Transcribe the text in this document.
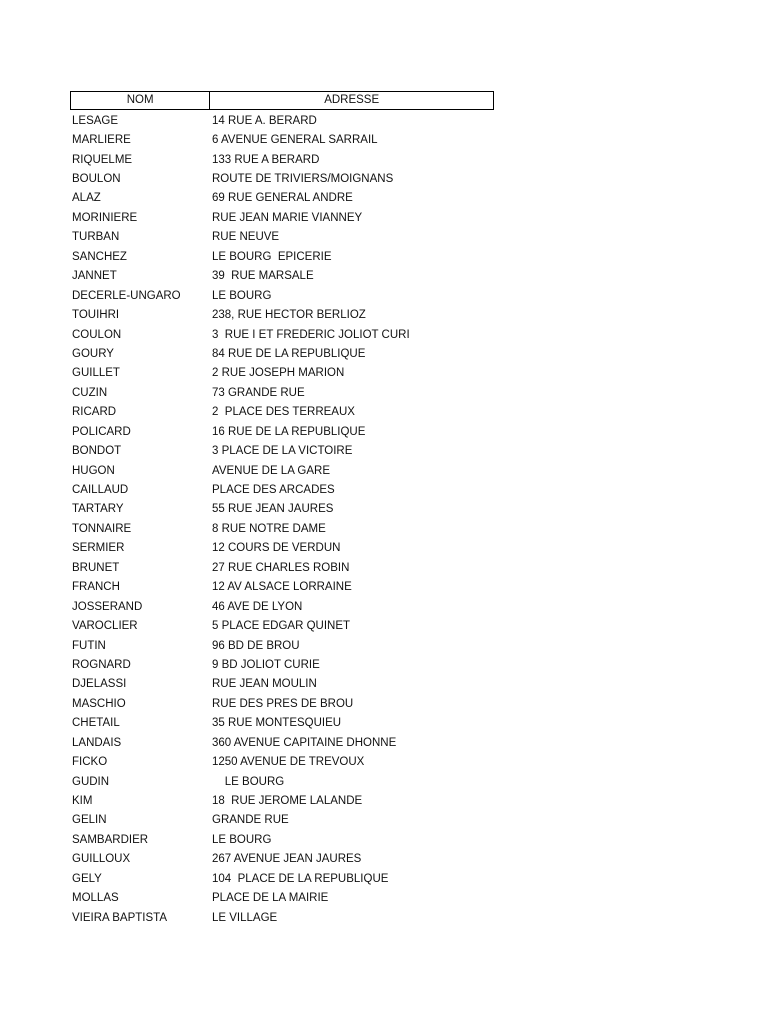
NOM	ADRESSE
LESAGE	14 RUE A. BERARD
MARLIERE	6 AVENUE GENERAL SARRAIL
RIQUELME	133 RUE A BERARD
BOULON	ROUTE DE TRIVIERS/MOIGNANS
ALAZ	69 RUE GENERAL ANDRE
MORINIERE	RUE JEAN MARIE VIANNEY
TURBAN	RUE NEUVE
SANCHEZ	LE BOURG  EPICERIE
JANNET	39  RUE MARSALE
DECERLE-UNGARO	LE BOURG
TOUIHRI	238, RUE HECTOR BERLIOZ
COULON	3  RUE I ET FREDERIC JOLIOT CURI
GOURY	84 RUE DE LA REPUBLIQUE
GUILLET	2 RUE JOSEPH MARION
CUZIN	73 GRANDE RUE
RICARD	2  PLACE DES TERREAUX
POLICARD	16 RUE DE LA REPUBLIQUE
BONDOT	3 PLACE DE LA VICTOIRE
HUGON	AVENUE DE LA GARE
CAILLAUD	PLACE DES ARCADES
TARTARY	55 RUE JEAN JAURES
TONNAIRE	8 RUE NOTRE DAME
SERMIER	12 COURS DE VERDUN
BRUNET	27 RUE CHARLES ROBIN
FRANCH	12 AV ALSACE LORRAINE
JOSSERAND	46 AVE DE LYON
VAROCLIER	5 PLACE EDGAR QUINET
FUTIN	96 BD DE BROU
ROGNARD	9 BD JOLIOT CURIE
DJELASSI	RUE JEAN MOULIN
MASCHIO	RUE DES PRES DE BROU
CHETAIL	35 RUE MONTESQUIEU
LANDAIS	360 AVENUE CAPITAINE DHONNE
FICKO	1250 AVENUE DE TREVOUX
GUDIN	LE BOURG
KIM	18  RUE JEROME LALANDE
GELIN	GRANDE RUE
SAMBARDIER	LE BOURG
GUILLOUX	267 AVENUE JEAN JAURES
GELY	104  PLACE DE LA REPUBLIQUE
MOLLAS	PLACE DE LA MAIRIE
VIEIRA BAPTISTA	LE VILLAGE
